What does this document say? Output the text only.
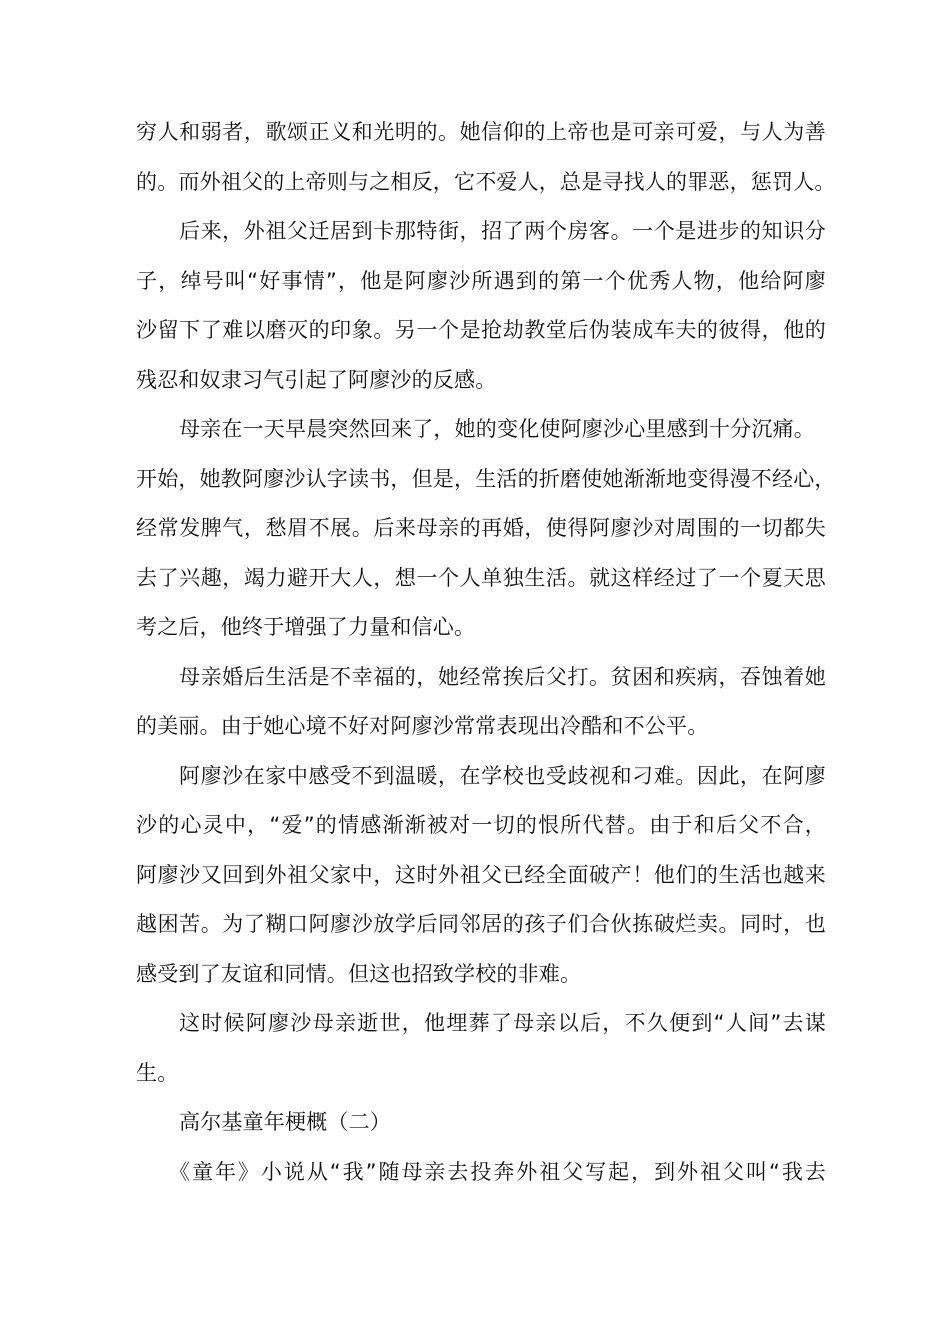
穷人和弱者，歌颂正义和光明的。她信仰的上帝也是可亲可爱，与人为善
的。而外祖父的上帝则与之相反，它不爱人，总是寻找人的罪恶，惩罚人。
后来，外祖父迁居到卡那特街，招了两个房客。一个是进步的知识分
子，绰号叫“好事情”，他是阿廖沙所遇到的第一个优秀人物，他给阿廖
沙留下了难以磨灭的印象。另一个是抢劫教堂后伪装成车夫的彼得，他的
残忍和奴隶习气引起了阿廖沙的反感。
母亲在一天早晨突然回来了，她的变化使阿廖沙心里感到十分沉痛。
开始，她教阿廖沙认字读书，但是，生活的折磨使她渐渐地变得漫不经心，
经常发脾气，愁眉不展。后来母亲的再婚，使得阿廖沙对周围的一切都失
去了兴趣，竭力避开大人，想一个人单独生活。就这样经过了一个夏天思
考之后，他终于增强了力量和信心。
母亲婚后生活是不幸福的，她经常挨后父打。贫困和疾病，吞蚀着她
的美丽。由于她心境不好对阿廖沙常常表现出冷酷和不公平。
阿廖沙在家中感受不到温暖，在学校也受歧视和刁难。因此，在阿廖
沙的心灵中，“爱”的情感渐渐被对一切的恨所代替。由于和后父不合，
阿廖沙又回到外祖父家中，这时外祖父已经全面破产！他们的生活也越来
越困苦。为了糊口阿廖沙放学后同邻居的孩子们合伙拣破烂卖。同时，也
感受到了友谊和同情。但这也招致学校的非难。
这时候阿廖沙母亲逝世，他埋葬了母亲以后，不久便到“人间”去谋
生。
高尔基童年梗概（二）
《童年》小说从“我”随母亲去投奔外祖父写起，到外祖父叫“我去
